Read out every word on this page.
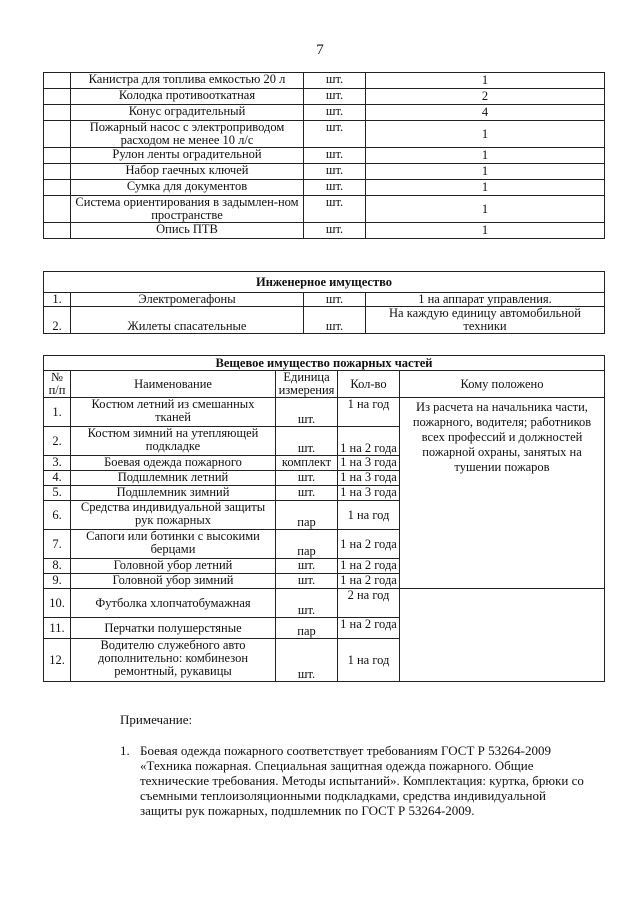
7
	Канистра для топлива емкостью 20 л	шт.	1
	Колодка противооткатная	шт.	2
	Конус оградительный	шт.	4
	Пожарный насос с электроприводом расходом не менее 10 л/с	шт.	1
	Рулон ленты оградительной	шт.	1
	Набор гаечных ключей	шт.	1
	Сумка для документов	шт.	1
	Система ориентирования в задымлен-ном пространстве	шт.	1
	Опись ПТВ	шт.	1
Инженерное имущество			
1.	Электромегафоны	шт.	1 на аппарат управления.
2.	Жилеты спасательные	шт.	На каждую единицу автомобильной техники
Вещевое имущество пожарных частей				
№ п/п	Наименование	Единица измерения	Кол-во	Кому положено
1.	Костюм летний из смешанных тканей	шт.	1 на год	Из расчета на начальника части, пожарного, водителя; работников всех профессий и должностей пожарной охраны, занятых на тушении пожаров
2.	Костюм зимний на утепляющей подкладке	шт.	1 на 2 года	
3.	Боевая одежда пожарного	комплект	1 на 3 года	
4.	Подшлемник летний	шт.	1 на 3 года	
5.	Подшлемник зимний	шт.	1 на 3 года	
6.	Средства индивидуальной защиты рук пожарных	пар	1 на год	
7.	Сапоги или ботинки с высокими берцами	пар	1 на 2 года	
8.	Головной убор летний	шт.	1 на 2 года	
9.	Головной убор зимний	шт.	1 на 2 года	
10.	Футболка хлопчатобумажная	шт.	2 на год	
11.	Перчатки полушерстяные	пар	1 на 2 года	
12.	Водителю служебного авто дополнительно: комбинезон ремонтный, рукавицы	шт.	1 на год	
Примечание:
1. Боевая одежда пожарного соответствует требованиям ГОСТ Р 53264-2009 «Техника пожарная. Специальная защитная одежда пожарного. Общие технические требования. Методы испытаний». Комплектация: куртка, брюки со съемными теплоизоляционными подкладками, средства индивидуальной защиты рук пожарных, подшлемник по ГОСТ Р 53264-2009.
